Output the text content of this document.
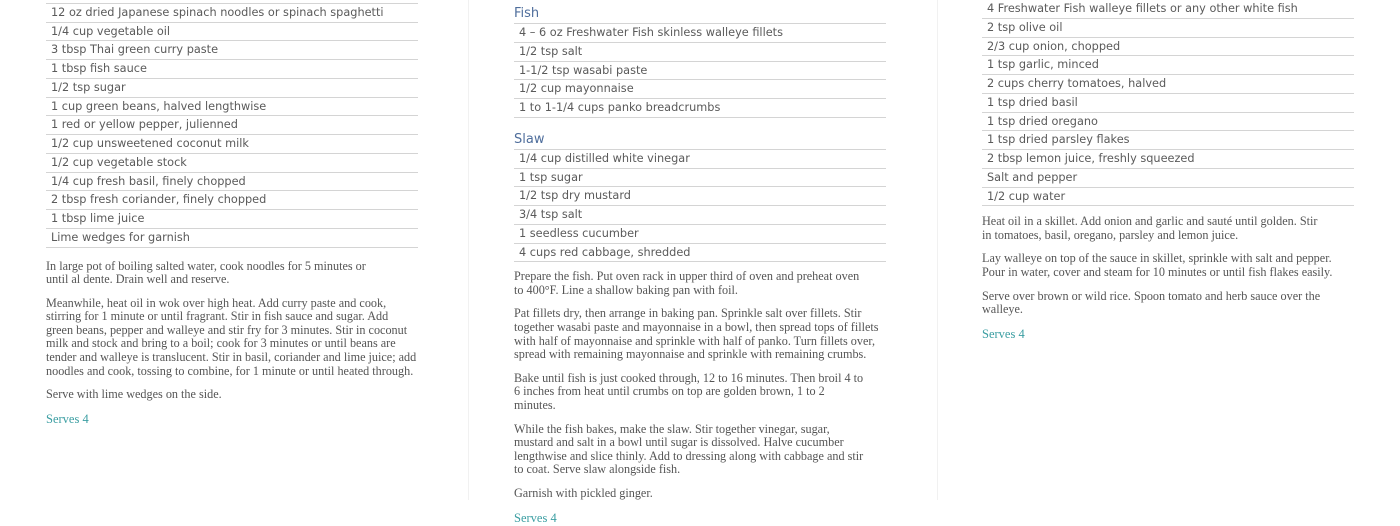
12 oz dried Japanese spinach noodles or spinach spaghetti
1/4 cup vegetable oil
3 tbsp Thai green curry paste
1 tbsp fish sauce
1/2 tsp sugar
1 cup green beans, halved lengthwise
1 red or yellow pepper, julienned
1/2 cup unsweetened coconut milk
1/2 cup vegetable stock
1/4 cup fresh basil, finely chopped
2 tbsp fresh coriander, finely chopped
1 tbsp lime juice
Lime wedges for garnish

In large pot of boiling salted water, cook noodles for 5 minutes or until al dente. Drain well and reserve.

Meanwhile, heat oil in wok over high heat. Add curry paste and cook, stirring for 1 minute or until fragrant. Stir in fish sauce and sugar. Add green beans, pepper and walleye and stir fry for 3 minutes. Stir in coconut milk and stock and bring to a boil; cook for 3 minutes or until beans are tender and walleye is translucent. Stir in basil, coriander and lime juice; add noodles and cook, tossing to combine, for 1 minute or until heated through.

Serve with lime wedges on the side.

Serves 4

Fish
4 – 6 oz Freshwater Fish skinless walleye fillets
1/2 tsp salt
1-1/2 tsp wasabi paste
1/2 cup mayonnaise
1 to 1-1/4 cups panko breadcrumbs
Slaw
1/4 cup distilled white vinegar
1 tsp sugar
1/2 tsp dry mustard
3/4 tsp salt
1 seedless cucumber
4 cups red cabbage, shredded

Prepare the fish. Put oven rack in upper third of oven and preheat oven to 400°F. Line a shallow baking pan with foil.

Pat fillets dry, then arrange in baking pan. Sprinkle salt over fillets. Stir together wasabi paste and mayonnaise in a bowl, then spread tops of fillets with half of mayonnaise and sprinkle with half of panko. Turn fillets over, spread with remaining mayonnaise and sprinkle with remaining crumbs.

Bake until fish is just cooked through, 12 to 16 minutes. Then broil 4 to 6 inches from heat until crumbs on top are golden brown, 1 to 2 minutes.

While the fish bakes, make the slaw. Stir together vinegar, sugar, mustard and salt in a bowl until sugar is dissolved. Halve cucumber lengthwise and slice thinly. Add to dressing along with cabbage and stir to coat. Serve slaw alongside fish.

Garnish with pickled ginger.

Serves 4

4 Freshwater Fish walleye fillets or any other white fish
2 tsp olive oil
2/3 cup onion, chopped
1 tsp garlic, minced
2 cups cherry tomatoes, halved
1 tsp dried basil
1 tsp dried oregano
1 tsp dried parsley flakes
2 tbsp lemon juice, freshly squeezed
Salt and pepper
1/2 cup water

Heat oil in a skillet. Add onion and garlic and sauté until golden. Stir in tomatoes, basil, oregano, parsley and lemon juice.

Lay walleye on top of the sauce in skillet, sprinkle with salt and pepper. Pour in water, cover and steam for 10 minutes or until fish flakes easily.

Serve over brown or wild rice. Spoon tomato and herb sauce over the walleye.

Serves 4
